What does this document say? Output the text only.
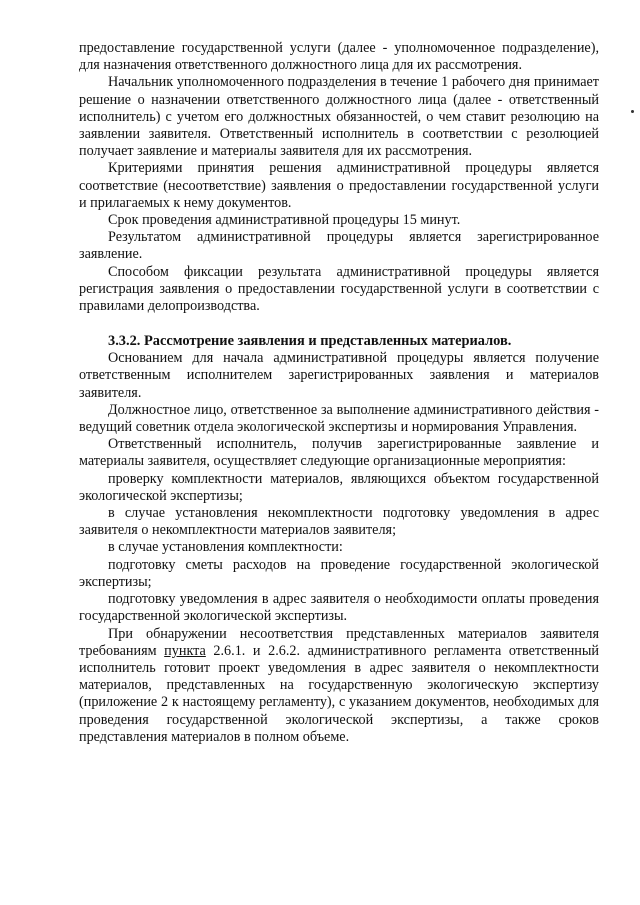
предоставление государственной услуги (далее - уполномоченное подразделение), для назначения ответственного должностного лица для их рассмотрения.

Начальник уполномоченного подразделения в течение 1 рабочего дня принимает решение о назначении ответственного должностного лица (далее - ответственный исполнитель) с учетом его должностных обязанностей, о чем ставит резолюцию на заявлении заявителя. Ответственный исполнитель в соответствии с резолюцией получает заявление и материалы заявителя для их рассмотрения.

Критериями принятия решения административной процедуры является соответствие (несоответствие) заявления о предоставлении государственной услуги и прилагаемых к нему документов.

Срок проведения административной процедуры 15 минут.

Результатом административной процедуры является зарегистрированное заявление.

Способом фиксации результата административной процедуры является регистрация заявления о предоставлении государственной услуги в соответствии с правилами делопроизводства.

3.3.2. Рассмотрение заявления и представленных материалов.

Основанием для начала административной процедуры является получение ответственным исполнителем зарегистрированных заявления и материалов заявителя.

Должностное лицо, ответственное за выполнение административного действия - ведущий советник отдела экологической экспертизы и нормирования Управления.

Ответственный исполнитель, получив зарегистрированные заявление и материалы заявителя, осуществляет следующие организационные мероприятия:

проверку комплектности материалов, являющихся объектом государственной экологической экспертизы;

в случае установления некомплектности подготовку уведомления в адрес заявителя о некомплектности материалов заявителя;

в случае установления комплектности:

подготовку сметы расходов на проведение государственной экологической экспертизы;

подготовку уведомления в адрес заявителя о необходимости оплаты проведения государственной экологической экспертизы.

При обнаружении несоответствия представленных материалов заявителя требованиям пункта 2.6.1. и 2.6.2. административного регламента ответственный исполнитель готовит проект уведомления в адрес заявителя о некомплектности материалов, представленных на государственную экологическую экспертизу (приложение 2 к настоящему регламенту), с указанием документов, необходимых для проведения государственной экологической экспертизы, а также сроков представления материалов в полном объеме.
